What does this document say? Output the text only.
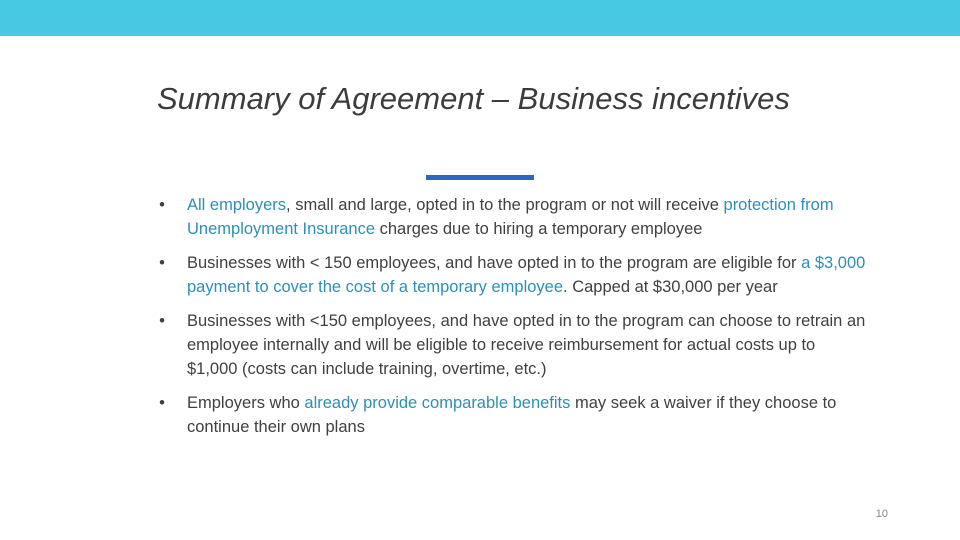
Summary of Agreement – Business incentives
• All employers, small and large, opted in to the program or not will receive protection from Unemployment Insurance charges due to hiring a temporary employee
• Businesses with < 150 employees, and have opted in to the program are eligible for a $3,000 payment to cover the cost of a temporary employee. Capped at $30,000 per year
• Businesses with <150 employees, and have opted in to the program can choose to retrain an employee internally and will be eligible to receive reimbursement for actual costs up to $1,000 (costs can include training, overtime, etc.)
• Employers who already provide comparable benefits may seek a waiver if they choose to continue their own plans
10
